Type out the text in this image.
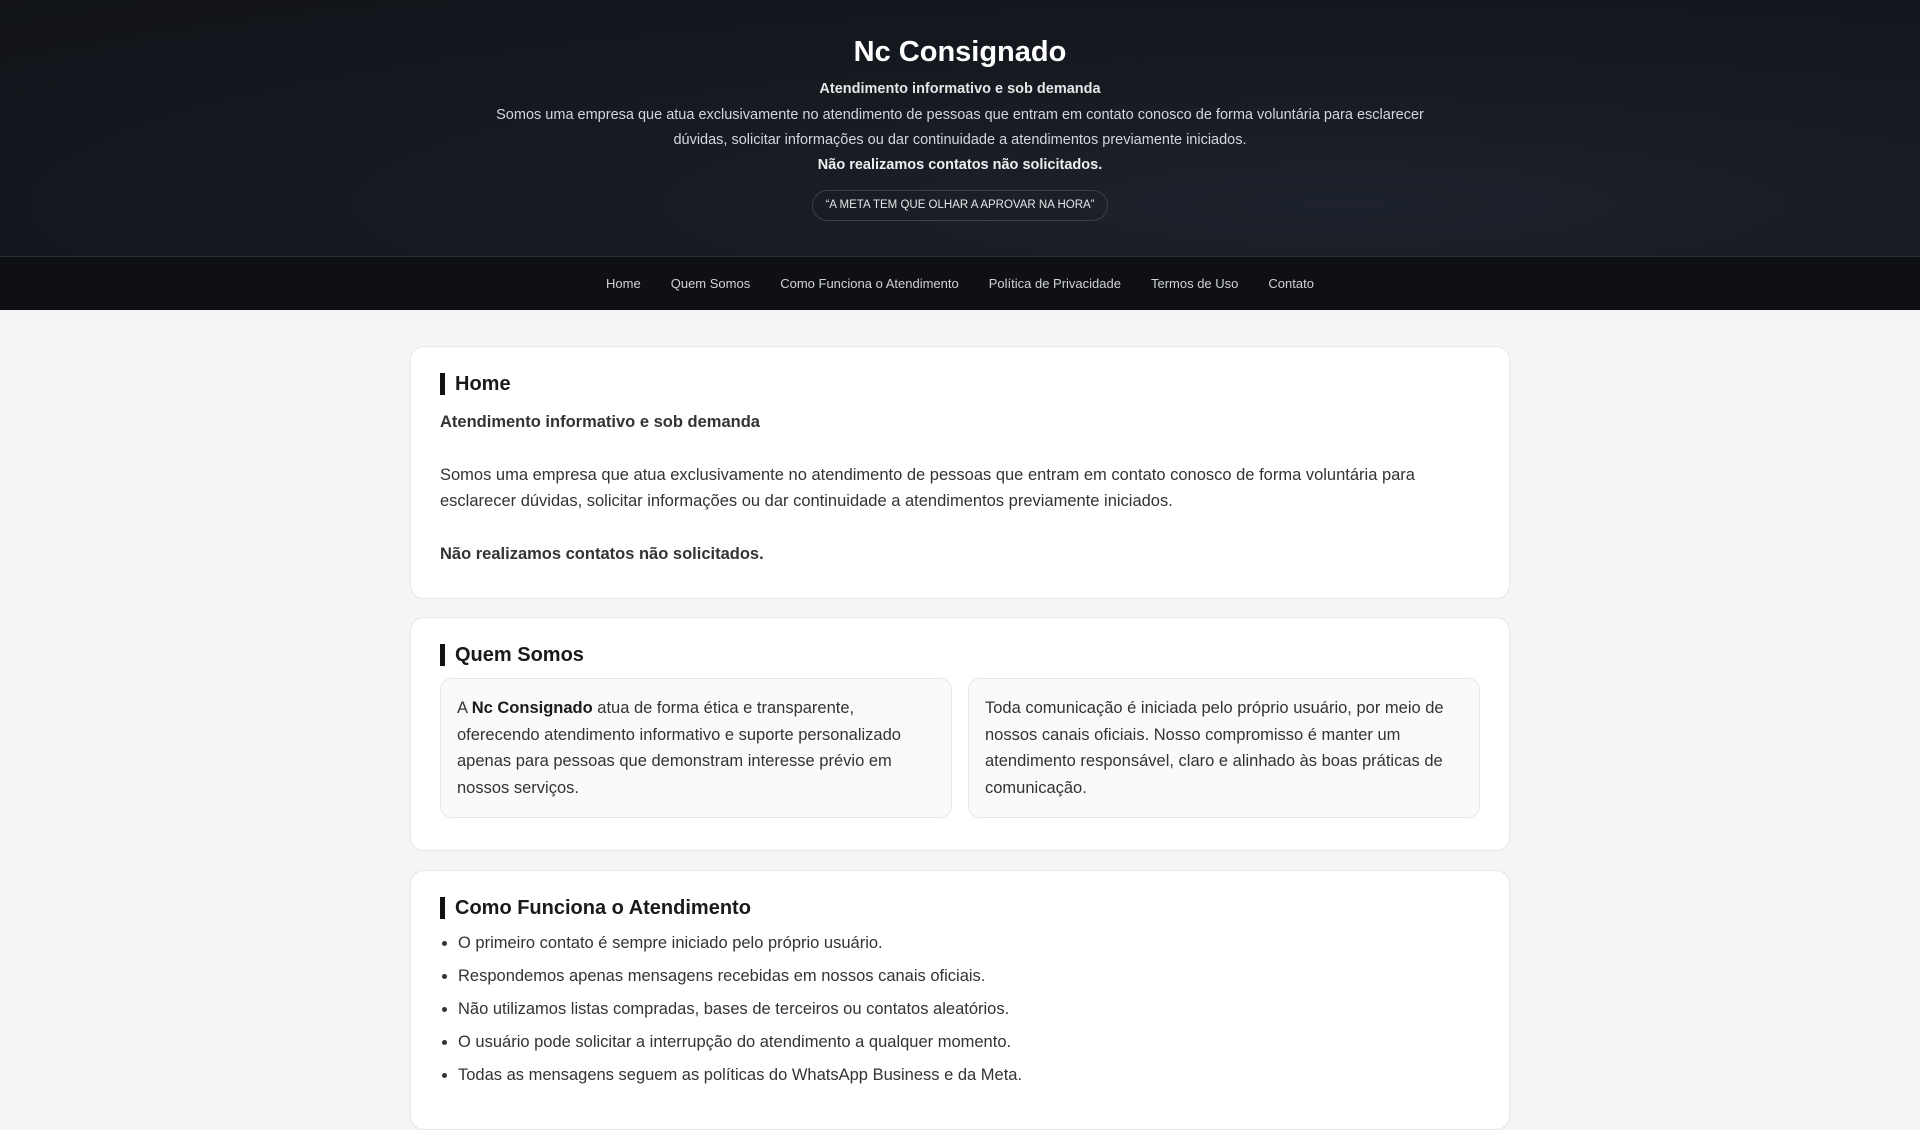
Nc Consignado
Atendimento informativo e sob demanda
Somos uma empresa que atua exclusivamente no atendimento de pessoas que entram em contato conosco de forma voluntária para esclarecer dúvidas, solicitar informações ou dar continuidade a atendimentos previamente iniciados.
Não realizamos contatos não solicitados.
“A META TEM QUE OLHAR A APROVAR NA HORA”
Home Quem Somos Como Funciona o Atendimento Política de Privacidade Termos de Uso Contato
Home

Atendimento informativo e sob demanda

Somos uma empresa que atua exclusivamente no atendimento de pessoas que entram em contato conosco de forma voluntária para esclarecer dúvidas, solicitar informações ou dar continuidade a atendimentos previamente iniciados.

Não realizamos contatos não solicitados.

Quem Somos
A Nc Consignado atua de forma ética e transparente, oferecendo atendimento informativo e suporte personalizado apenas para pessoas que demonstram interesse prévio em nossos serviços.
Toda comunicação é iniciada pelo próprio usuário, por meio de nossos canais oficiais. Nosso compromisso é manter um atendimento responsável, claro e alinhado às boas práticas de comunicação.
Como Funciona o Atendimento
• O primeiro contato é sempre iniciado pelo próprio usuário.
• Respondemos apenas mensagens recebidas em nossos canais oficiais.
• Não utilizamos listas compradas, bases de terceiros ou contatos aleatórios.
• O usuário pode solicitar a interrupção do atendimento a qualquer momento.
• Todas as mensagens seguem as políticas do WhatsApp Business e da Meta.
